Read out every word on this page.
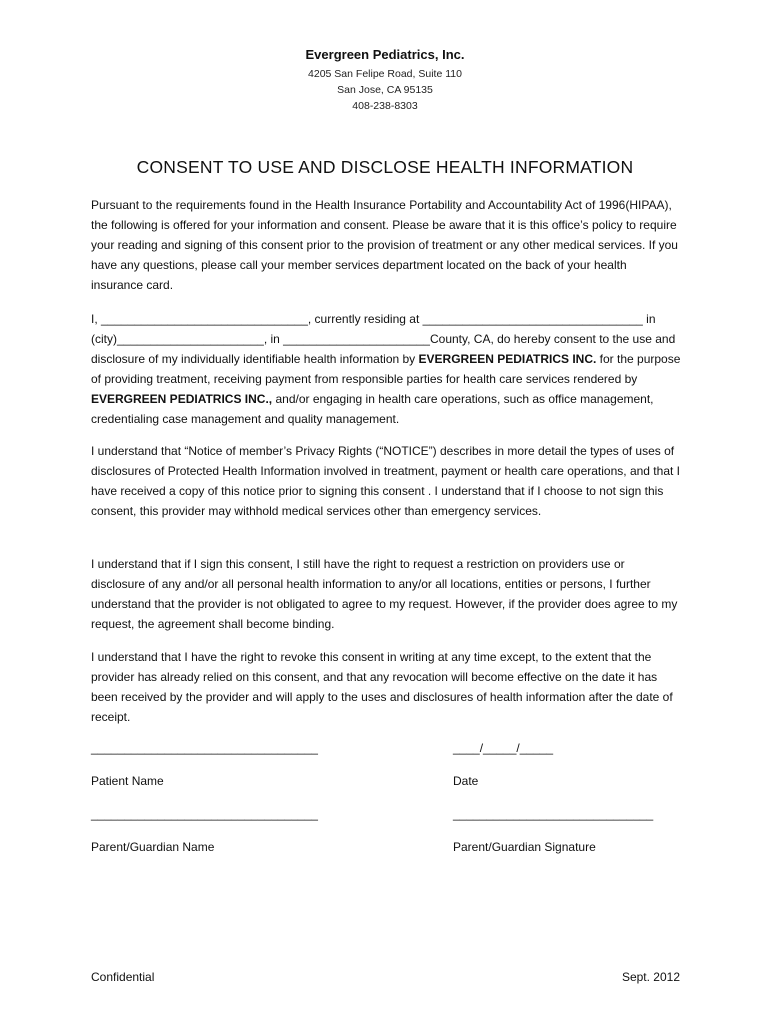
Evergreen Pediatrics, Inc.
4205 San Felipe Road, Suite 110
San Jose, CA 95135
408-238-8303
CONSENT TO USE AND DISCLOSE HEALTH INFORMATION
Pursuant to the requirements found in the Health Insurance Portability and Accountability Act of 1996(HIPAA), the following is offered for your information and consent. Please be aware that it is this office’s policy to require your reading and signing of this consent prior to the provision of treatment or any other medical services. If you have any questions, please call your member services department located on the back of your health insurance card.
I, _______________________________, currently residing at _________________________________ in (city)______________________, in ______________________County, CA, do hereby consent to the use and disclosure of my individually identifiable health information by EVERGREEN PEDIATRICS INC. for the purpose of providing treatment, receiving payment from responsible parties for health care services rendered by EVERGREEN PEDIATRICS INC., and/or engaging in health care operations, such as office management, credentialing case management and quality management.
I understand that “Notice of member’s Privacy Rights (“NOTICE”) describes in more detail the types of uses of disclosures of Protected Health Information involved in treatment, payment or health care operations, and that I have received a copy of this notice prior to signing this consent . I understand that if I choose to not sign this consent, this provider may withhold medical services other than emergency services.
I understand that if I sign this consent, I still have the right to request a restriction on providers use or disclosure of any and/or all personal health information to any/or all locations, entities or persons, I further understand that the provider is not obligated to agree to my request. However, if the provider does agree to my request, the agreement shall become binding.
I understand that I have the right to revoke this consent in writing at any time except, to the extent that the provider has already relied on this consent, and that any revocation will become effective on the date it has been received by the provider and will apply to the uses and disclosures of health information after the date of receipt.
__________________________________	____/_____/_____
Patient Name	Date
__________________________________	______________________________
Parent/Guardian Name	Parent/Guardian Signature
Confidential	Sept. 2012
